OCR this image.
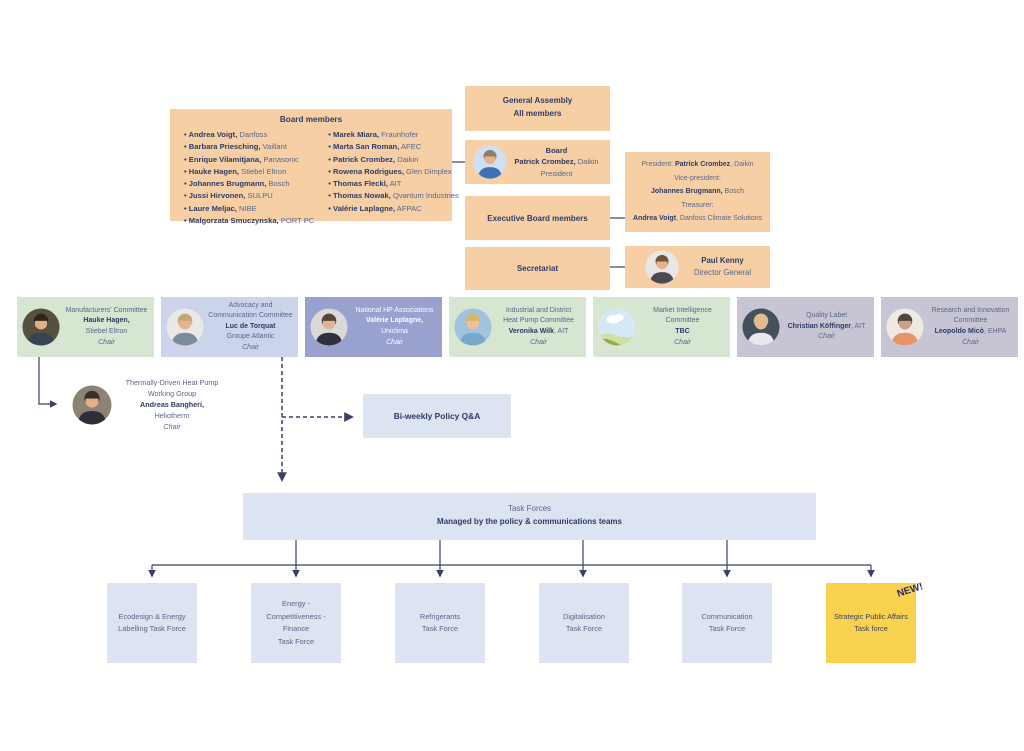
Board members
• Andrea Voigt, Danfoss
• Barbara Priesching, Vaillant
• Enrique Vilamitjana, Panasonic
• Hauke Hagen, Stiebel Eltron
• Johannes Brugmann, Bosch
• Jussi Hirvonen, SULPU
• Laure Meljac, NIBE
• Malgorzata Smuczynska, PORT PC
• Marek Miara, Fraunhofer
• Marta San Roman, AFEC
• Patrick Crombez, Daikin
• Rowena Rodrigues, Glen Dimplex
• Thomas Fleckl, AIT
• Thomas Nowak, Qvantum Industries
• Valérie Laplagne, AFPAC
General Assembly
All members
Board
Patrick Crombez, Daikin
President
Executive Board members
President: Patrick Crombez, Daikin
Vice-president:
Johannes Brugmann, Bosch
Treasurer:
Andrea Voigt, Danfoss Climate Solutions
Secretariat
Paul Kenny
Director General
Manufacturers' Committee
Hauke Hagen,
Stiebel Eltron
Chair
Advocacy and
Communication Committee
Luc de Torquat
Groupe Atlantic
Chair
National HP Associations
Valérie Laplagne,
Uniclima
Chair
Industrial and District
Heat Pump Committee
Veronika Wilk, AIT
Chair
Market Intelligence
Committee
TBC
Chair
Quality Label
Christian Köffinger, AIT
Chair
Research and Innovation
Committee
Leopoldo Micò, EHPA
Chair
Thermally-Driven Heat Pump
Working Group
Andreas Bangheri,
Heliotherm
Chair
Bi-weekly Policy Q&A
Task Forces
Managed by the policy & communications teams
Ecodesign & Energy
Labelling Task Force
Energy -
Competitiveness -
Finance
Task Force
Refrigerants
Task Force
Digitalisation
Task Force
Communication
Task Force
Strategic Public Affairs
Task force
NEW!
